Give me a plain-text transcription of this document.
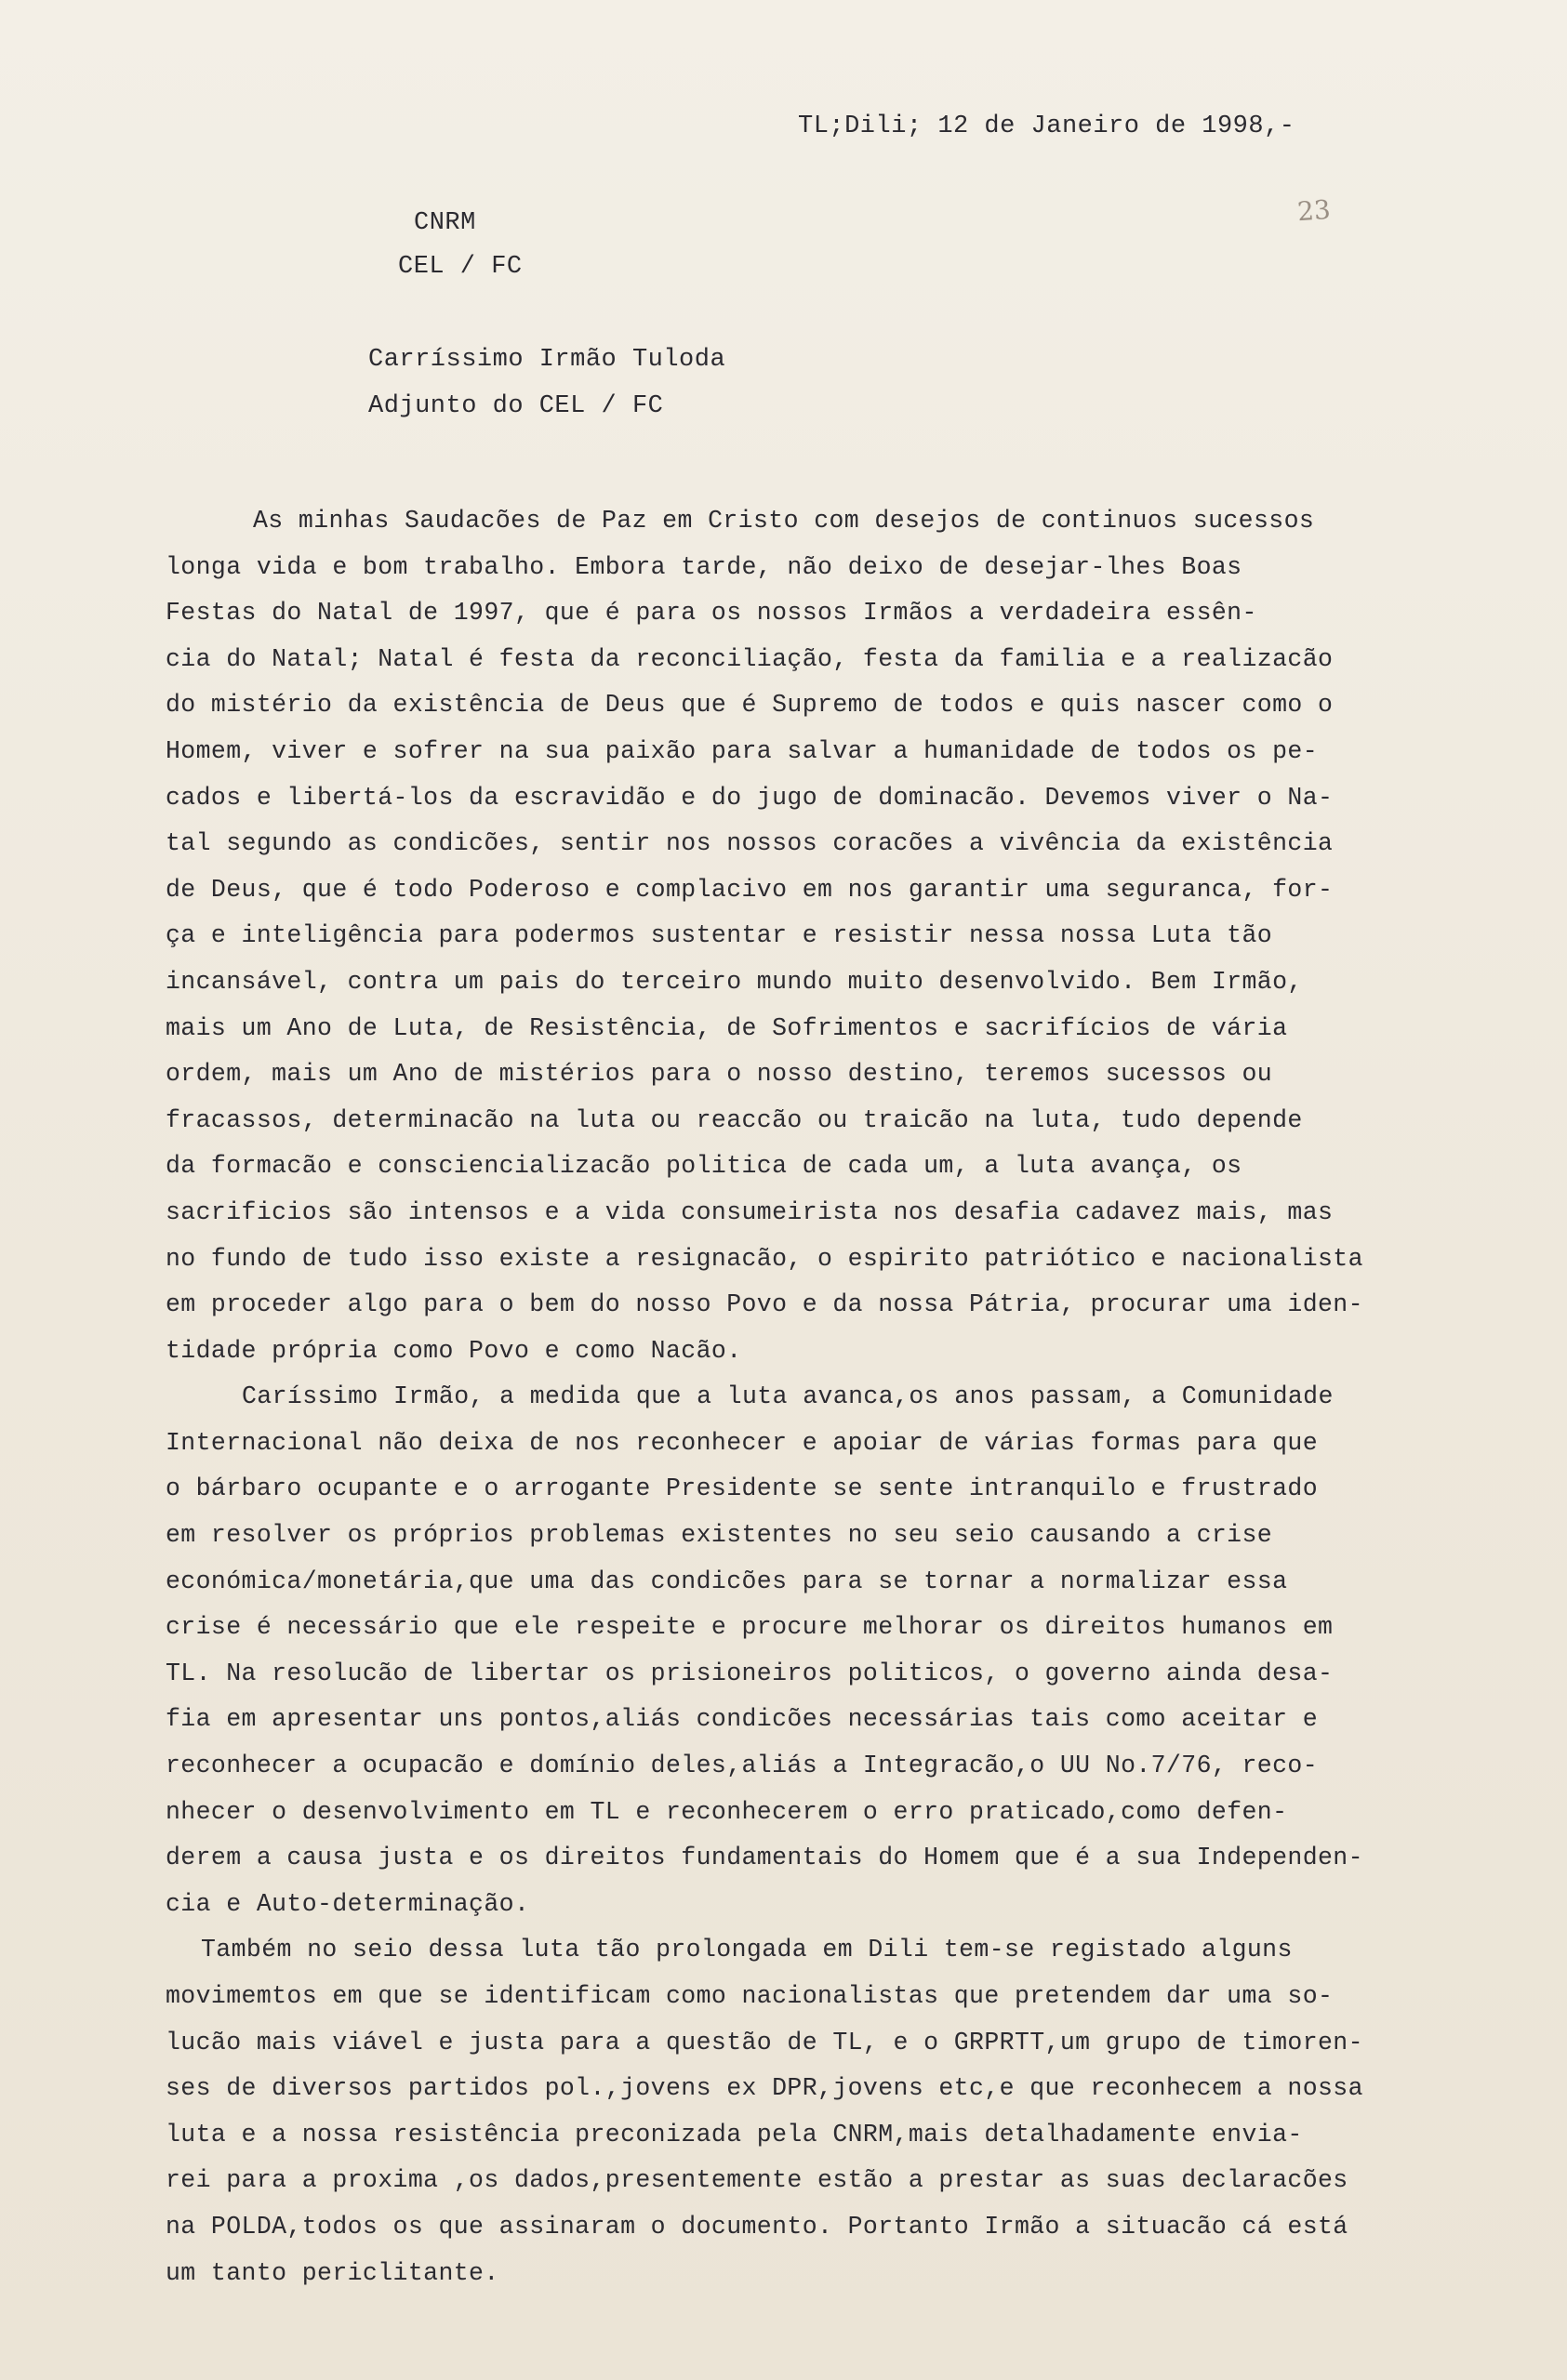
TL;Dili; 12 de Janeiro de 1998,-
23
CNRM
CEL / FC
Carríssimo Irmão Tuloda
Adjunto do CEL / FC
As minhas Saudacões de Paz em Cristo com desejos de continuos sucessos
longa vida e bom trabalho. Embora tarde, não deixo de desejar-lhes Boas
Festas do Natal de 1997, que é para os nossos Irmãos a verdadeira essên-
cia do Natal; Natal é festa da reconciliação, festa da familia e a realizacão
do mistério da existência de Deus que é Supremo de todos e quis nascer como o
Homem, viver e sofrer na sua paixão para salvar a humanidade de todos os pe-
cados e libertá-los da escravidão e do jugo de dominacão. Devemos viver o Na-
tal segundo as condicões, sentir nos nossos coracões a vivência da existência
de Deus, que é todo Poderoso e complacivo em nos garantir uma seguranca, for-
ça e inteligência para podermos sustentar e resistir nessa nossa Luta tão
incansável, contra um pais do terceiro mundo muito desenvolvido. Bem Irmão,
mais um Ano de Luta, de Resistência, de Sofrimentos e sacrifícios de vária
ordem, mais um Ano de mistérios para o nosso destino, teremos sucessos ou
fracassos, determinacão na luta ou reaccão ou traicão na luta, tudo depende
da formacão e consciencializacão politica de cada um, a luta avança, os
sacrificios são intensos e a vida consumeirista nos desafia cadavez mais, mas
no fundo de tudo isso existe a resignacão, o espirito patriótico e nacionalista
em proceder algo para o bem do nosso Povo e da nossa Pátria, procurar uma iden-
tidade própria como Povo e como Nacão.
Caríssimo Irmão, a medida que a luta avanca,os anos passam, a Comunidade
Internacional não deixa de nos reconhecer e apoiar de várias formas para que
o bárbaro ocupante e o arrogante Presidente se sente intranquilo e frustrado
em resolver os próprios problemas existentes no seu seio causando a crise
económica/monetária,que uma das condicões para se tornar a normalizar essa
crise é necessário que ele respeite e procure melhorar os direitos humanos em
TL. Na resolucão de libertar os prisioneiros politicos, o governo ainda desa-
fia em apresentar uns pontos,aliás condicões necessárias tais como aceitar e
reconhecer a ocupacão e domínio deles,aliás a Integracão,o UU No.7/76, reco-
nhecer o desenvolvimento em TL e reconhecerem o erro praticado,como defen-
derem a causa justa e os direitos fundamentais do Homem que é a sua Independen-
cia e Auto-determinação.
Também no seio dessa luta tão prolongada em Dili tem-se registado alguns
movimemtos em que se identificam como nacionalistas que pretendem dar uma so-
lucão mais viável e justa para a questão de TL, e o GRPRTT,um grupo de timoren-
ses de diversos partidos pol.,jovens ex DPR,jovens etc,e que reconhecem a nossa
luta e a nossa resistência preconizada pela CNRM,mais detalhadamente envia-
rei para a proxima ,os dados,presentemente estão a prestar as suas declaracões
na POLDA,todos os que assinaram o documento. Portanto Irmão a situacão cá está
um tanto periclitante.
